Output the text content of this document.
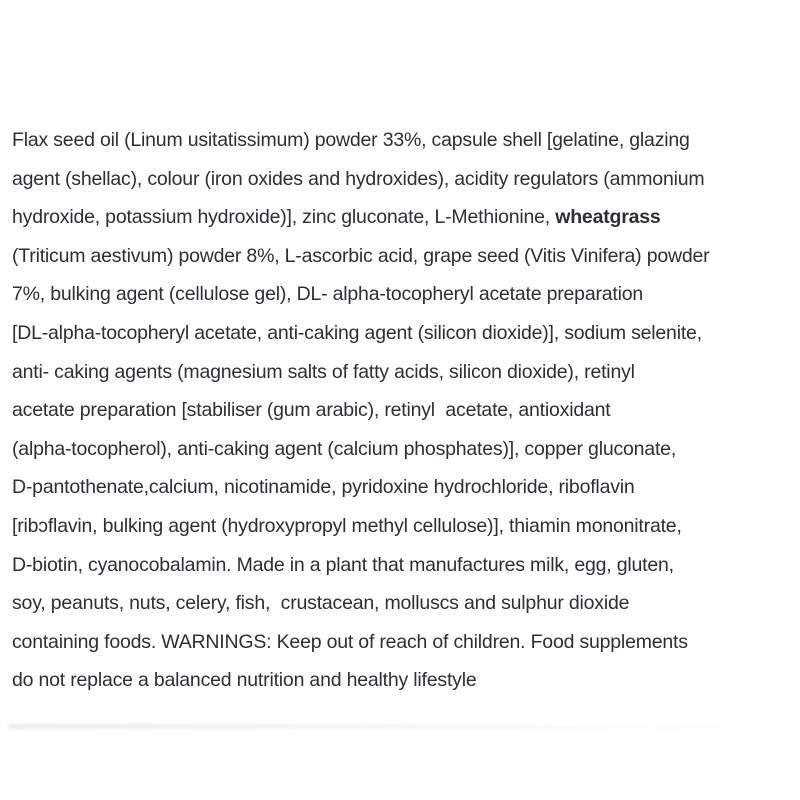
Flax seed oil (Linum usitatissimum) powder 33%, capsule shell [gelatine, glazing
agent (shellac), colour (iron oxides and hydroxides), acidity regulators (ammonium
hydroxide, potassium hydroxide)], zinc gluconate, L-Methionine, wheatgrass
(Triticum aestivum) powder 8%, L-ascorbic acid, grape seed (Vitis Vinifera) powder
7%, bulking agent (cellulose gel), DL- alpha-tocopheryl acetate preparation
[DL-alpha-tocopheryl acetate, anti-caking agent (silicon dioxide)], sodium selenite,
anti- caking agents (magnesium salts of fatty acids, silicon dioxide), retinyl
acetate preparation [stabiliser (gum arabic), retinyl  acetate, antioxidant
(alpha-tocopherol), anti-caking agent (calcium phosphates)], copper gluconate,
D-pantothenate,calcium, nicotinamide, pyridoxine hydrochloride, riboflavin
[ribɔflavin, bulking agent (hydroxypropyl methyl cellulose)], thiamin mononitrate,
D-biotin, cyanocobalamin. Made in a plant that manufactures milk, egg, gluten,
soy, peanuts, nuts, celery, fish,  crustacean, molluscs and sulphur dioxide
containing foods. WARNINGS: Keep out of reach of children. Food supplements
do not replace a balanced nutrition and healthy lifestyle
